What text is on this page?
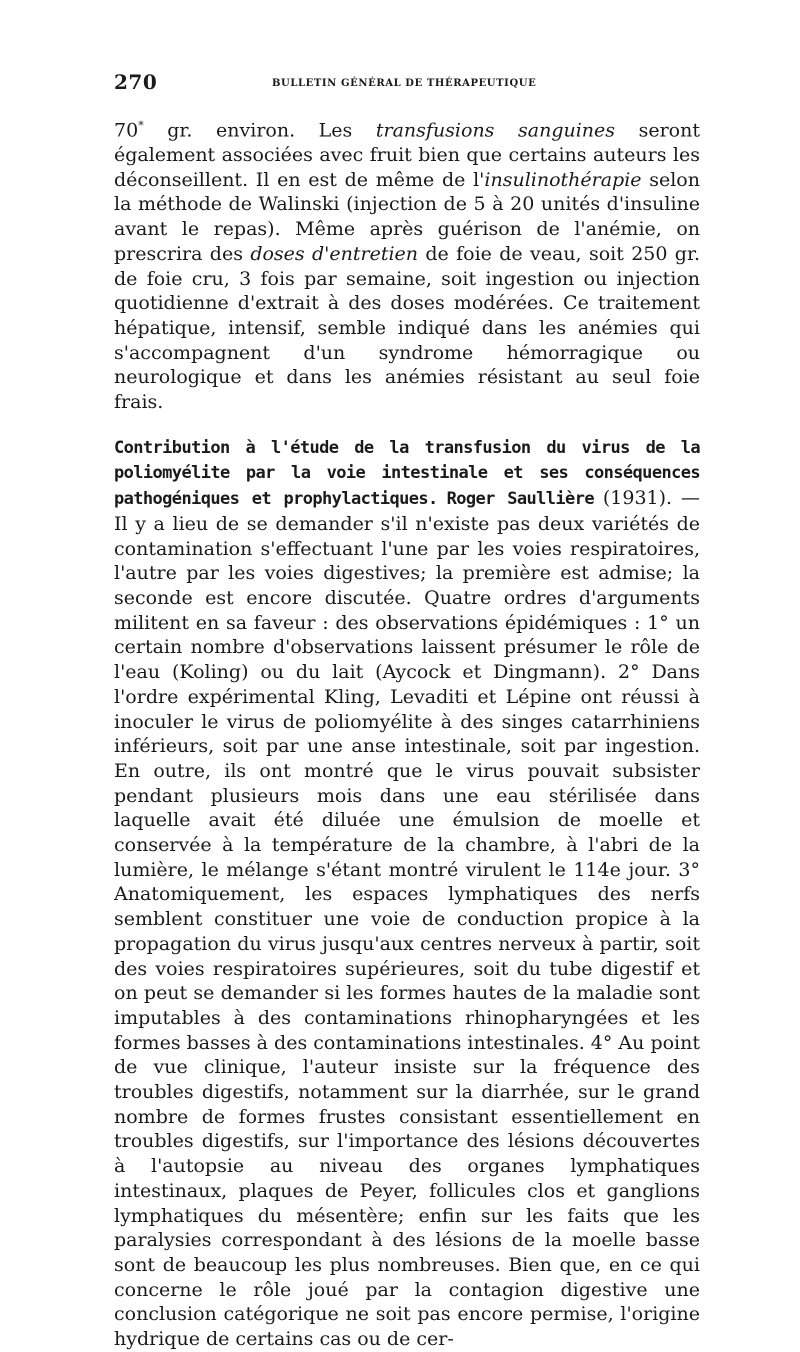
270	BULLETIN GÉNÉRAL DE THÉRAPEUTIQUE

70* gr. environ. Les transfusions sanguines seront également associées avec fruit bien que certains auteurs les déconseillent. Il en est de même de l'insulinothérapie selon la méthode de Walinski (injection de 5 à 20 unités d'insuline avant le repas). Même après guérison de l'anémie, on prescrira des doses d'entretien de foie de veau, soit 250 gr. de foie cru, 3 fois par semaine, soit ingestion ou injection quotidienne d'extrait à des doses modérées. Ce traitement hépatique, intensif, semble indiqué dans les anémies qui s'accompagnent d'un syndrome hémorragique ou neurologique et dans les anémies résistant au seul foie frais.

Contribution à l'étude de la transfusion du virus de la poliomyélite par la voie intestinale et ses conséquences pathogéniques et prophylactiques. Roger Saullière (1931). — Il y a lieu de se demander s'il n'existe pas deux variétés de contamination s'effectuant l'une par les voies respiratoires, l'autre par les voies digestives; la première est admise; la seconde est encore discutée. Quatre ordres d'arguments militent en sa faveur : des observations épidémiques : 1° un certain nombre d'observations laissent présumer le rôle de l'eau (Koling) ou du lait (Aycock et Dingmann). 2° Dans l'ordre expérimental Kling, Levaditi et Lépine ont réussi à inoculer le virus de poliomyélite à des singes catarrhiniens inférieurs, soit par une anse intestinale, soit par ingestion. En outre, ils ont montré que le virus pouvait subsister pendant plusieurs mois dans une eau stérilisée dans laquelle avait été diluée une émulsion de moelle et conservée à la température de la chambre, à l'abri de la lumière, le mélange s'étant montré virulent le 114e jour. 3° Anatomiquement, les espaces lymphatiques des nerfs semblent constituer une voie de conduction propice à la propagation du virus jusqu'aux centres nerveux à partir, soit des voies respiratoires supérieures, soit du tube digestif et on peut se demander si les formes hautes de la maladie sont imputables à des contaminations rhinopharyngées et les formes basses à des contaminations intestinales. 4° Au point de vue clinique, l'auteur insiste sur la fréquence des troubles digestifs, notamment sur la diarrhée, sur le grand nombre de formes frustes consistant essentiellement en troubles digestifs, sur l'importance des lésions découvertes à l'autopsie au niveau des organes lymphatiques intestinaux, plaques de Peyer, follicules clos et ganglions lymphatiques du mésentère; enfin sur les faits que les paralysies correspondant à des lésions de la moelle basse sont de beaucoup les plus nombreuses. Bien que, en ce qui concerne le rôle joué par la contagion digestive une conclusion catégorique ne soit pas encore permise, l'origine hydrique de certains cas ou de cer-
